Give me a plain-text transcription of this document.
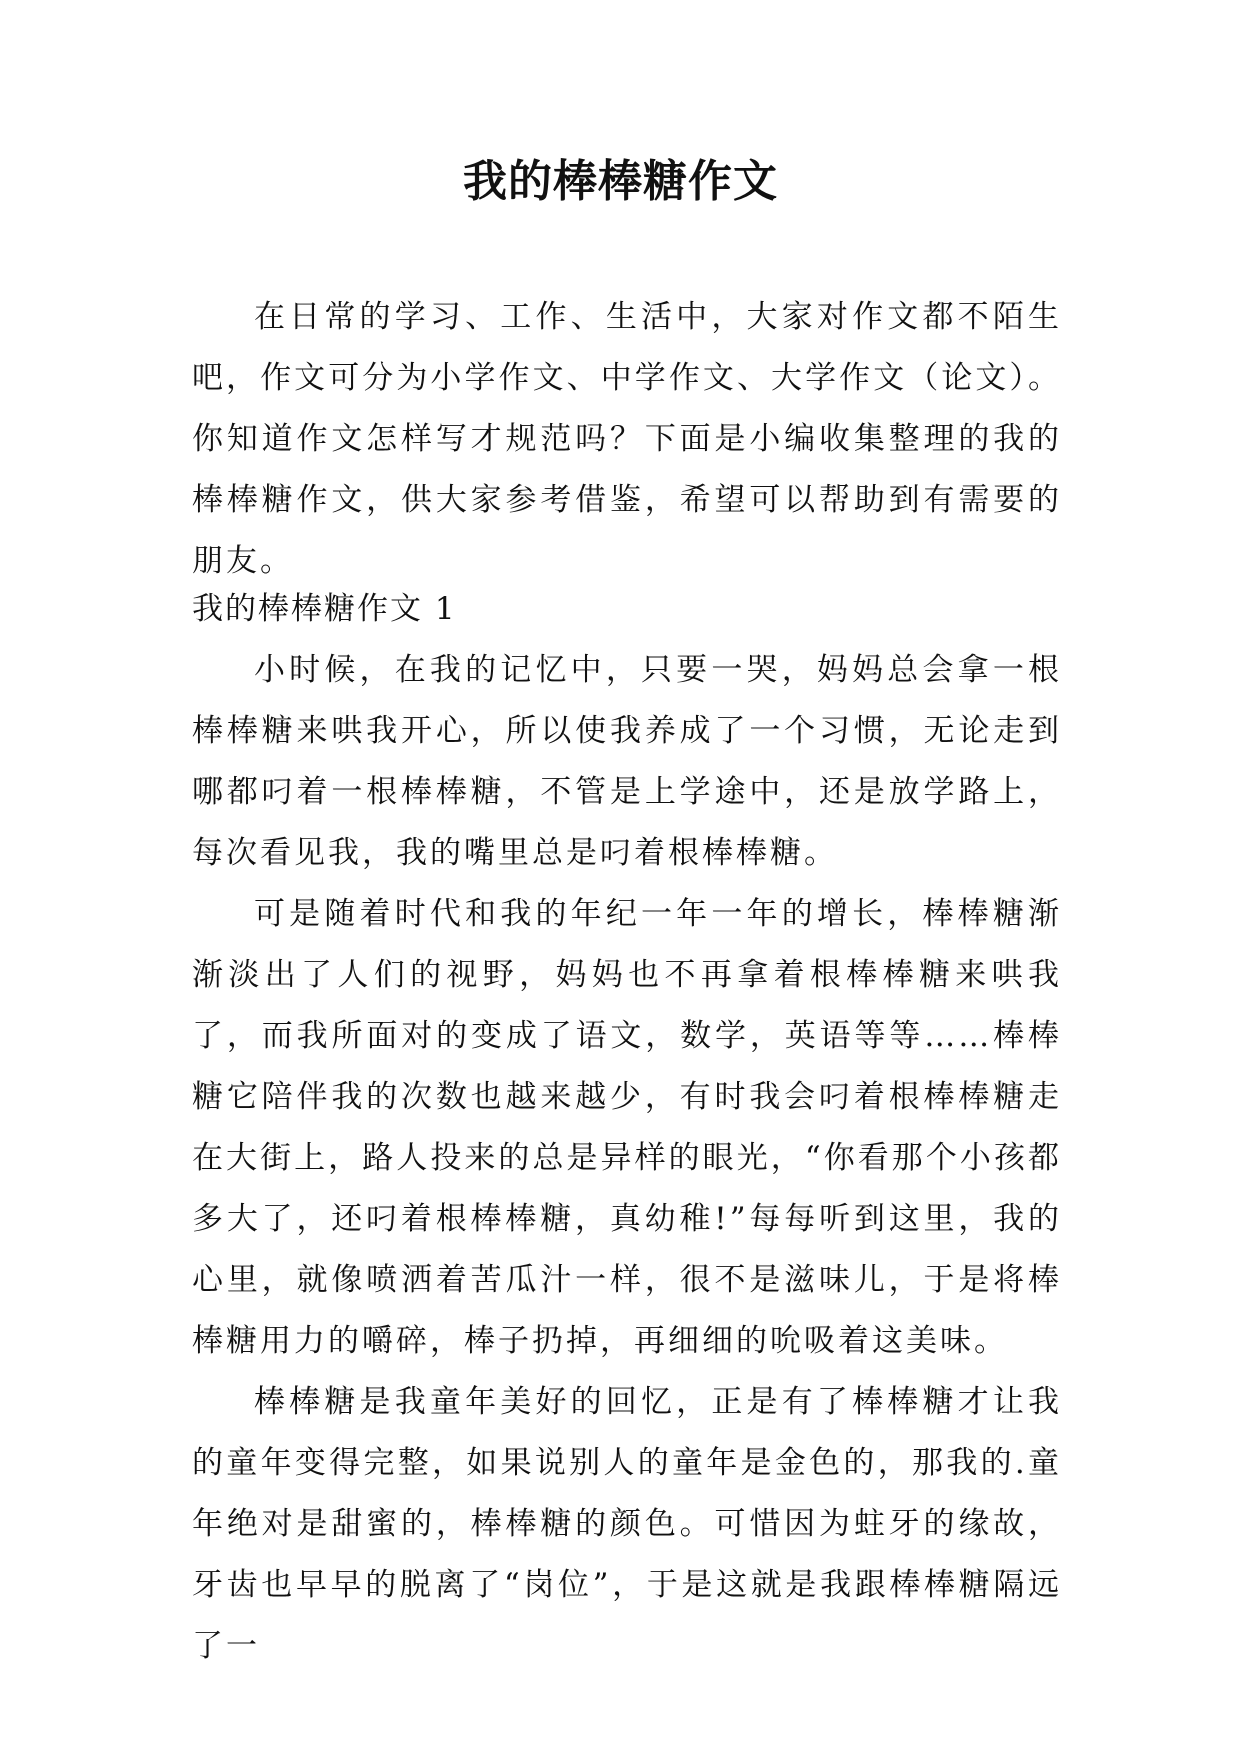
我的棒棒糖作文

在日常的学习、工作、生活中，大家对作文都不陌生吧，作文可分为小学作文、中学作文、大学作文（论文）。你知道作文怎样写才规范吗？下面是小编收集整理的我的棒棒糖作文，供大家参考借鉴，希望可以帮助到有需要的朋友。

我的棒棒糖作文 1

小时候，在我的记忆中，只要一哭，妈妈总会拿一根棒棒糖来哄我开心，所以使我养成了一个习惯，无论走到哪都叼着一根棒棒糖，不管是上学途中，还是放学路上，每次看见我，我的嘴里总是叼着根棒棒糖。

可是随着时代和我的年纪一年一年的增长，棒棒糖渐渐淡出了人们的视野，妈妈也不再拿着根棒棒糖来哄我了，而我所面对的变成了语文，数学，英语等等……棒棒糖它陪伴我的次数也越来越少，有时我会叼着根棒棒糖走在大街上，路人投来的总是异样的眼光，“你看那个小孩都多大了，还叼着根棒棒糖，真幼稚!”每每听到这里，我的心里，就像喷洒着苦瓜汁一样，很不是滋味儿，于是将棒棒糖用力的嚼碎，棒子扔掉，再细细的吮吸着这美味。

棒棒糖是我童年美好的回忆，正是有了棒棒糖才让我的童年变得完整，如果说别人的童年是金色的，那我的.童年绝对是甜蜜的，棒棒糖的颜色。可惜因为蛀牙的缘故，牙齿也早早的脱离了“岗位”，于是这就是我跟棒棒糖隔远了一
